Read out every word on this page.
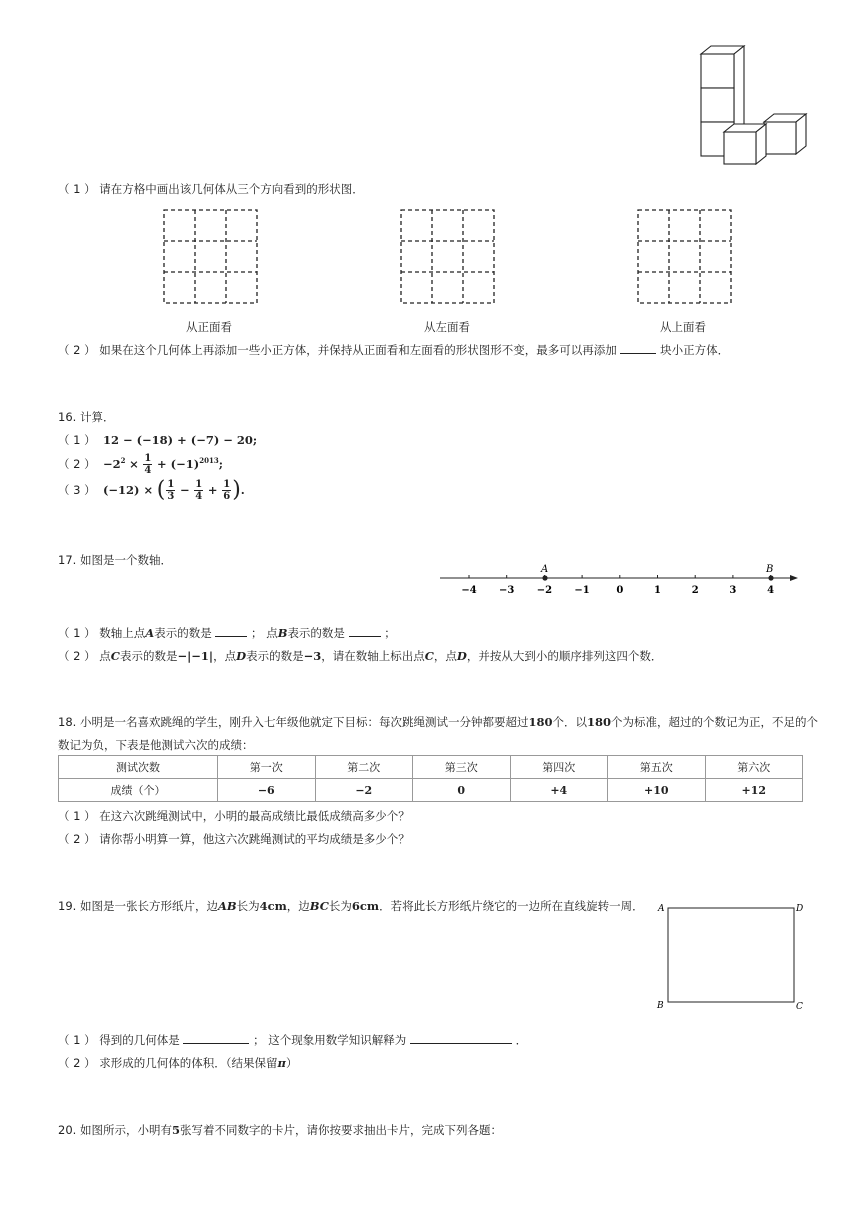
（ 1 ） 请在方格中画出该几何体从三个方向看到的形状图．
从正面看	从左面看	从上面看
（ 2 ） 如果在这个几何体上再添加一些小正方体，并保持从正面看和左面看的形状图形不变，最多可以再添加	块小正方体．
16. 计算．
（ 1 ） 12 − (−18) + (−7) − 20;
（ 2 ） $-2^2 \times \frac{1}{4} + (-1)^{2013}$;
（ 3 ） (−12) × ( $\frac{1}{3} - \frac{1}{4} + \frac{1}{6}$ ).
17. 如图是一个数轴．
−4 −3 −2 −1	0	1	2	3	4
A	B
（ 1 ） 数轴上点A表示的数是	； 点B表示的数是	；
（ 2 ） 点C表示的数是−|−1|，点D表示的数是−3，请在数轴上标出点C，点D，并按从大到小的顺序排列这四个数．
18. 小明是一名喜欢跳绳的学生，刚升入七年级他就定下目标：每次跳绳测试一分钟都要超过180个．以180个为标准，超过的个数记为正，不足的个
数记为负，下表是他测试六次的成绩：
测试次数	第一次	第二次	第三次	第四次	第五次	第六次
成绩（个）	−6	−2	0	+4	+10	+12
（ 1 ） 在这六次跳绳测试中，小明的最高成绩比最低成绩高多少个？
（ 2 ） 请你帮小明算一算，他这六次跳绳测试的平均成绩是多少个？
19. 如图是一张长方形纸片，边AB长为4cm，边BC长为6cm．若将此长方形纸片绕它的一边所在直线旋转一周． A	D
B	C
（ 1 ） 得到的几何体是	； 这个现象用数学知识解释为	．
（ 2 ） 求形成的几何体的体积．（结果保留π）
20. 如图所示，小明有5张写着不同数字的卡片，请你按要求抽出卡片，完成下列各题：
